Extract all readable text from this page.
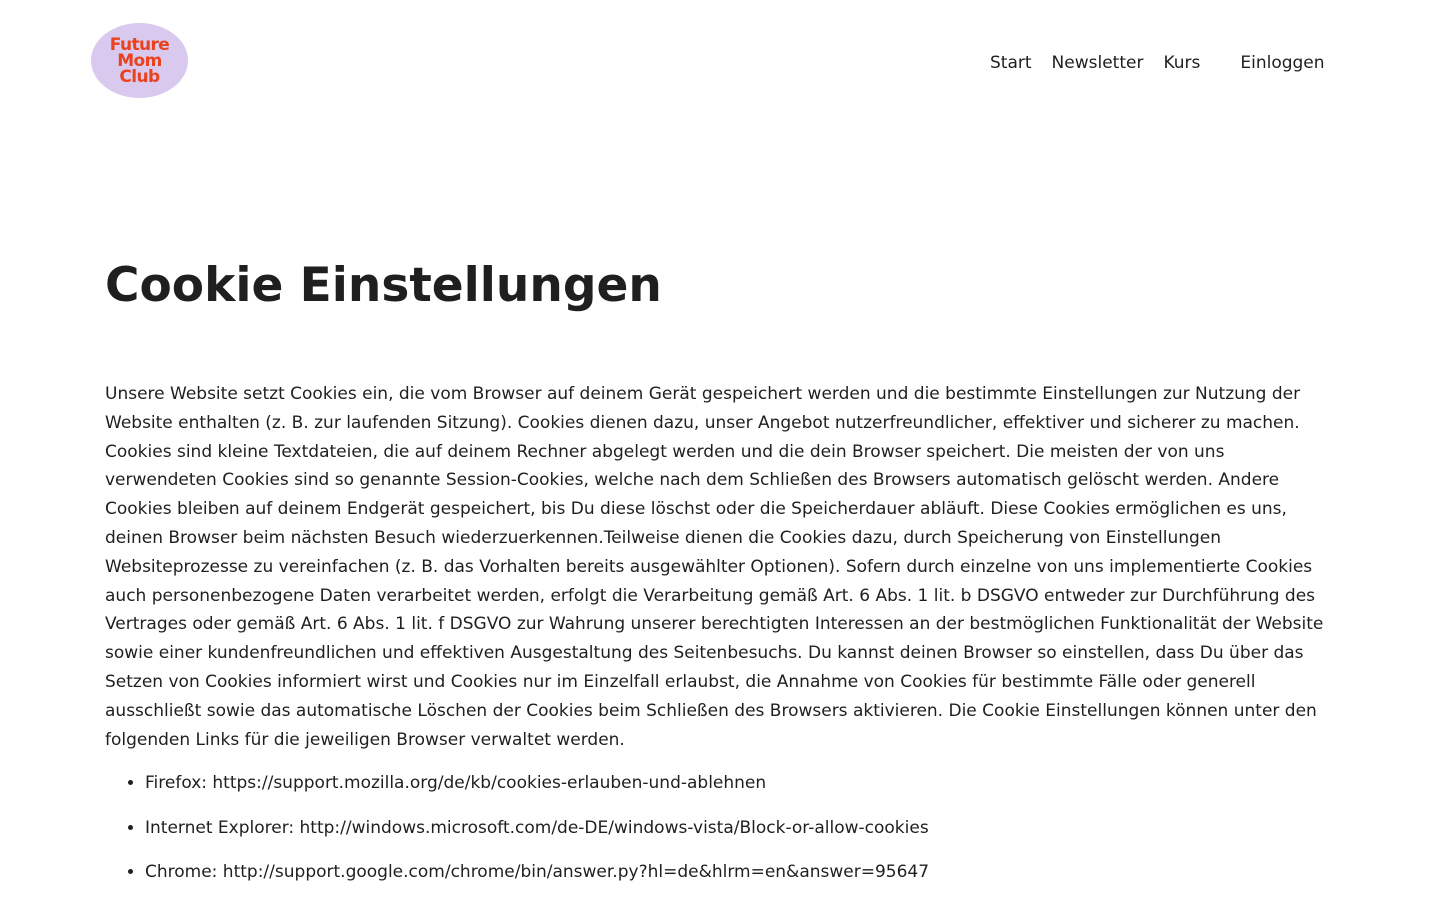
Future
Mom
Club
Start Newsletter Kurs Einloggen
Cookie Einstellungen

Unsere Website setzt Cookies ein, die vom Browser auf deinem Gerät gespeichert werden und die bestimmte Einstellungen zur Nutzung der Website enthalten (z. B. zur laufenden Sitzung). Cookies dienen dazu, unser Angebot nutzerfreundlicher, effektiver und sicherer zu machen. Cookies sind kleine Textdateien, die auf deinem Rechner abgelegt werden und die dein Browser speichert. Die meisten der von uns verwendeten Cookies sind so genannte Session-Cookies, welche nach dem Schließen des Browsers automatisch gelöscht werden. Andere Cookies bleiben auf deinem Endgerät gespeichert, bis Du diese löschst oder die Speicherdauer abläuft. Diese Cookies ermöglichen es uns, deinen Browser beim nächsten Besuch wiederzuerkennen.Teilweise dienen die Cookies dazu, durch Speicherung von Einstellungen Websiteprozesse zu vereinfachen (z. B. das Vorhalten bereits ausgewählter Optionen). Sofern durch einzelne von uns implementierte Cookies auch personenbezogene Daten verarbeitet werden, erfolgt die Verarbeitung gemäß Art. 6 Abs. 1 lit. b DSGVO entweder zur Durchführung des Vertrages oder gemäß Art. 6 Abs. 1 lit. f DSGVO zur Wahrung unserer berechtigten Interessen an der bestmöglichen Funktionalität der Website sowie einer kundenfreundlichen und effektiven Ausgestaltung des Seitenbesuchs. Du kannst deinen Browser so einstellen, dass Du über das Setzen von Cookies informiert wirst und Cookies nur im Einzelfall erlaubst, die Annahme von Cookies für bestimmte Fälle oder generell ausschließt sowie das automatische Löschen der Cookies beim Schließen des Browsers aktivieren. Die Cookie Einstellungen können unter den folgenden Links für die jeweiligen Browser verwaltet werden.

• Firefox: https://support.mozilla.org/de/kb/cookies-erlauben-und-ablehnen
• Internet Explorer: http://windows.microsoft.com/de-DE/windows-vista/Block-or-allow-cookies
• Chrome: http://support.google.com/chrome/bin/answer.py?hl=de&hlrm=en&answer=95647
